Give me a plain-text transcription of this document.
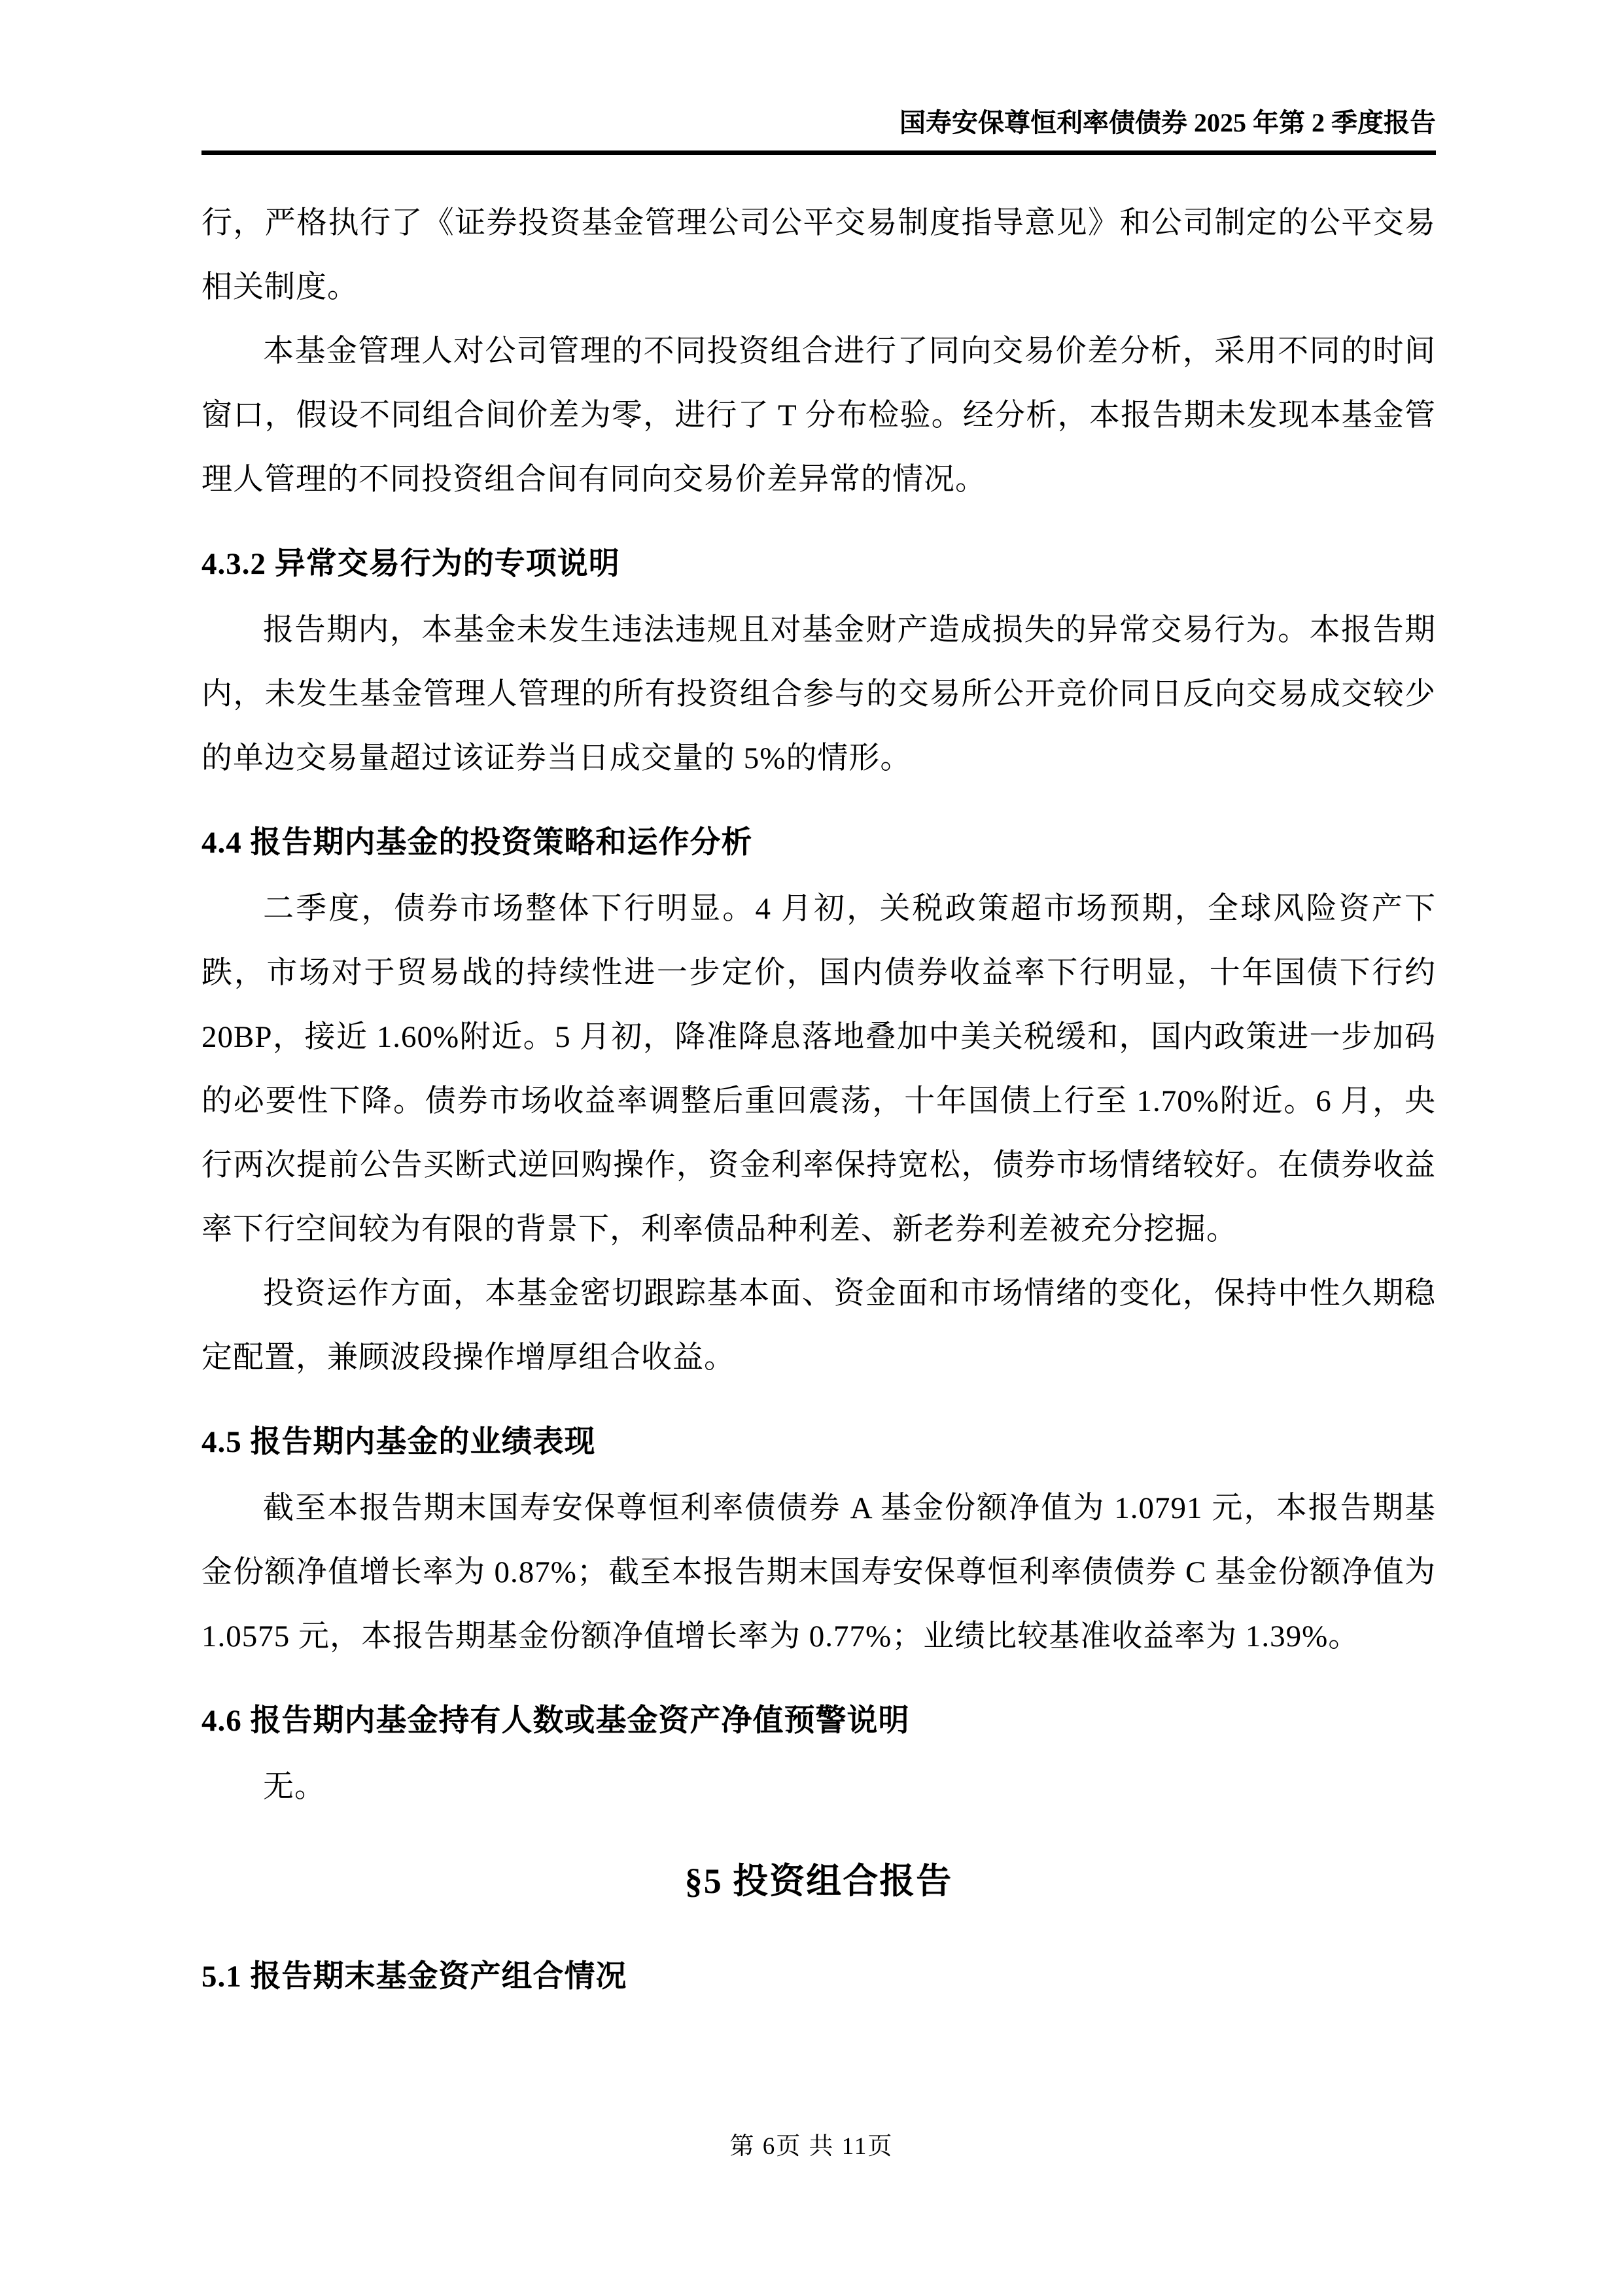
国寿安保尊恒利率债债券 2025 年第 2 季度报告

行，严格执行了《证券投资基金管理公司公平交易制度指导意见》和公司制定的公平交易相关制度。

本基金管理人对公司管理的不同投资组合进行了同向交易价差分析，采用不同的时间窗口，假设不同组合间价差为零，进行了 T 分布检验。经分析，本报告期未发现本基金管理人管理的不同投资组合间有同向交易价差异常的情况。

4.3.2 异常交易行为的专项说明

报告期内，本基金未发生违法违规且对基金财产造成损失的异常交易行为。本报告期内，未发生基金管理人管理的所有投资组合参与的交易所公开竞价同日反向交易成交较少的单边交易量超过该证券当日成交量的 5%的情形。

4.4 报告期内基金的投资策略和运作分析

二季度，债券市场整体下行明显。4 月初，关税政策超市场预期，全球风险资产下跌，市场对于贸易战的持续性进一步定价，国内债券收益率下行明显，十年国债下行约 20BP，接近 1.60%附近。5 月初，降准降息落地叠加中美关税缓和，国内政策进一步加码的必要性下降。债券市场收益率调整后重回震荡，十年国债上行至 1.70%附近。6 月，央行两次提前公告买断式逆回购操作，资金利率保持宽松，债券市场情绪较好。在债券收益率下行空间较为有限的背景下，利率债品种利差、新老券利差被充分挖掘。

投资运作方面，本基金密切跟踪基本面、资金面和市场情绪的变化，保持中性久期稳定配置，兼顾波段操作增厚组合收益。

4.5 报告期内基金的业绩表现

截至本报告期末国寿安保尊恒利率债债券 A 基金份额净值为 1.0791 元，本报告期基金份额净值增长率为 0.87%；截至本报告期末国寿安保尊恒利率债债券 C 基金份额净值为 1.0575 元，本报告期基金份额净值增长率为 0.77%；业绩比较基准收益率为 1.39%。

4.6 报告期内基金持有人数或基金资产净值预警说明

无。

§5 投资组合报告
5.1 报告期末基金资产组合情况
第 6页 共 11页
